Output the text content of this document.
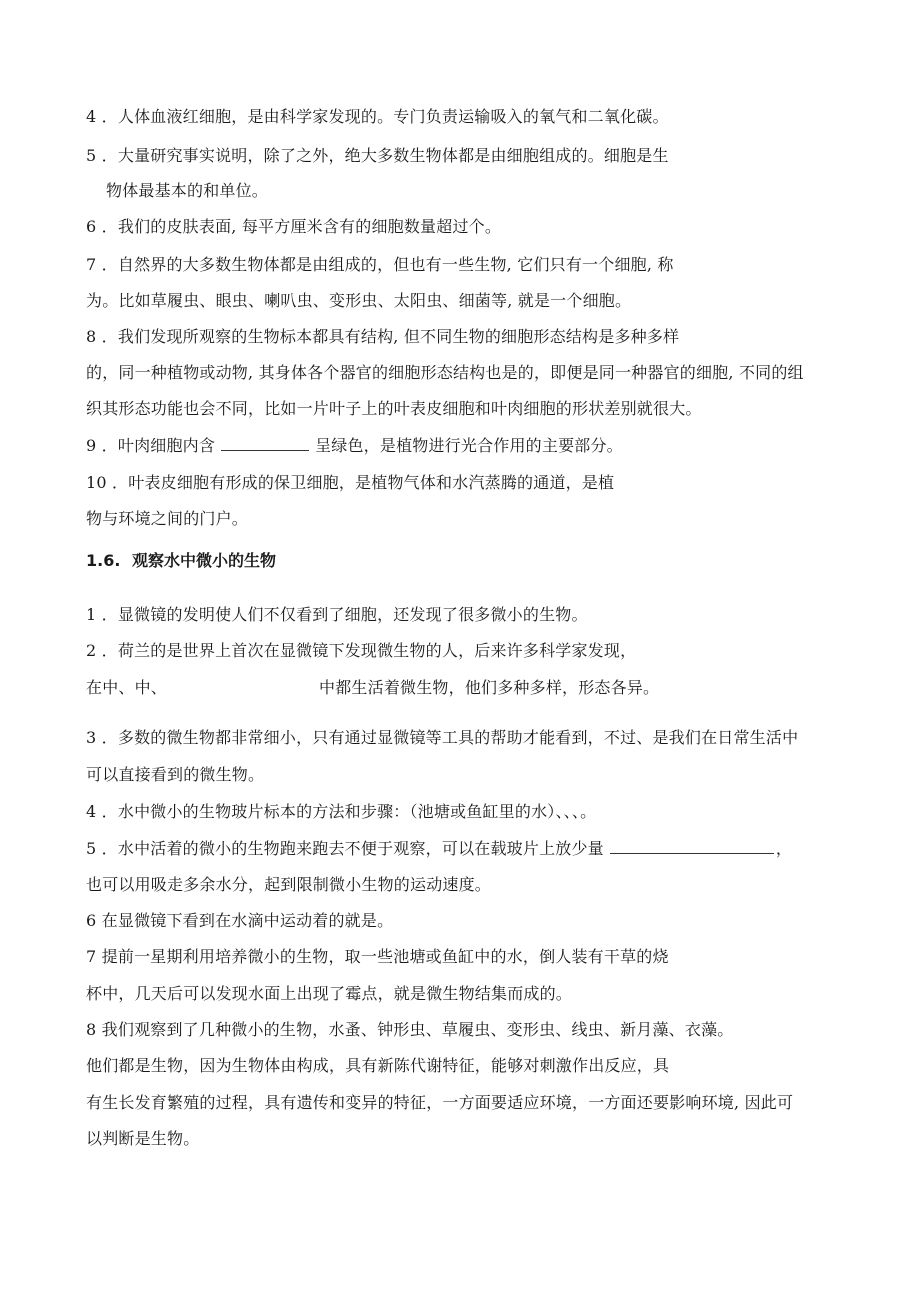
4 ．人体血液红细胞，是由科学家发现的。专门负责运输吸入的氧气和二氧化碳。
5 ．大量研究事实说明，除了之外，绝大多数生物体都是由细胞组成的。细胞是生
物体最基本的和单位。
6 ．我们的皮肤表面, 每平方厘米含有的细胞数量超过个。
7 ．自然界的大多数生物体都是由组成的，但也有一些生物, 它们只有一个细胞, 称
为。比如草履虫、眼虫、喇叭虫、变形虫、太阳虫、细菌等, 就是一个细胞。
8 ．我们发现所观察的生物标本都具有结构, 但不同生物的细胞形态结构是多种多样
的，同一种植物或动物, 其身体各个器官的细胞形态结构也是的，即便是同一种器官的细胞, 不同的组
织其形态功能也会不同，比如一片叶子上的叶表皮细胞和叶肉细胞的形状差别就很大。
9 ．叶肉细胞内含	呈绿色，是植物进行光合作用的主要部分。
10 ．叶表皮细胞有形成的保卫细胞，是植物气体和水汽蒸腾的通道，是植
物与环境之间的门户。
1.6. 观察水中微小的生物
1 ．显微镜的发明使人们不仅看到了细胞，还发现了很多微小的生物。
2 ．荷兰的是世界上首次在显微镜下发现微生物的人，后来许多科学家发现，
在中、中、	中都生活着微生物，他们多种多样，形态各异。
3 ．多数的微生物都非常细小，只有通过显微镜等工具的帮助才能看到，不过、是我们在日常生活中
可以直接看到的微生物。
4 ．水中微小的生物玻片标本的方法和步骤：（池塘或鱼缸里的水）、、、。
5 ．水中活着的微小的生物跑来跑去不便于观察，可以在载玻片上放少量	，
也可以用吸走多余水分，起到限制微小生物的运动速度。
6 在显微镜下看到在水滴中运动着的就是。
7 提前一星期利用培养微小的生物，取一些池塘或鱼缸中的水，倒人装有干草的烧
杯中，几天后可以发现水面上出现了霉点，就是微生物结集而成的。
8 我们观察到了几种微小的生物，水蚤、钟形虫、草履虫、变形虫、线虫、新月藻、衣藻。
他们都是生物，因为生物体由构成，具有新陈代谢特征，能够对刺激作出反应，具
有生长发育繁殖的过程，具有遗传和变异的特征，一方面要适应环境，一方面还要影响环境, 因此可
以判断是生物。
